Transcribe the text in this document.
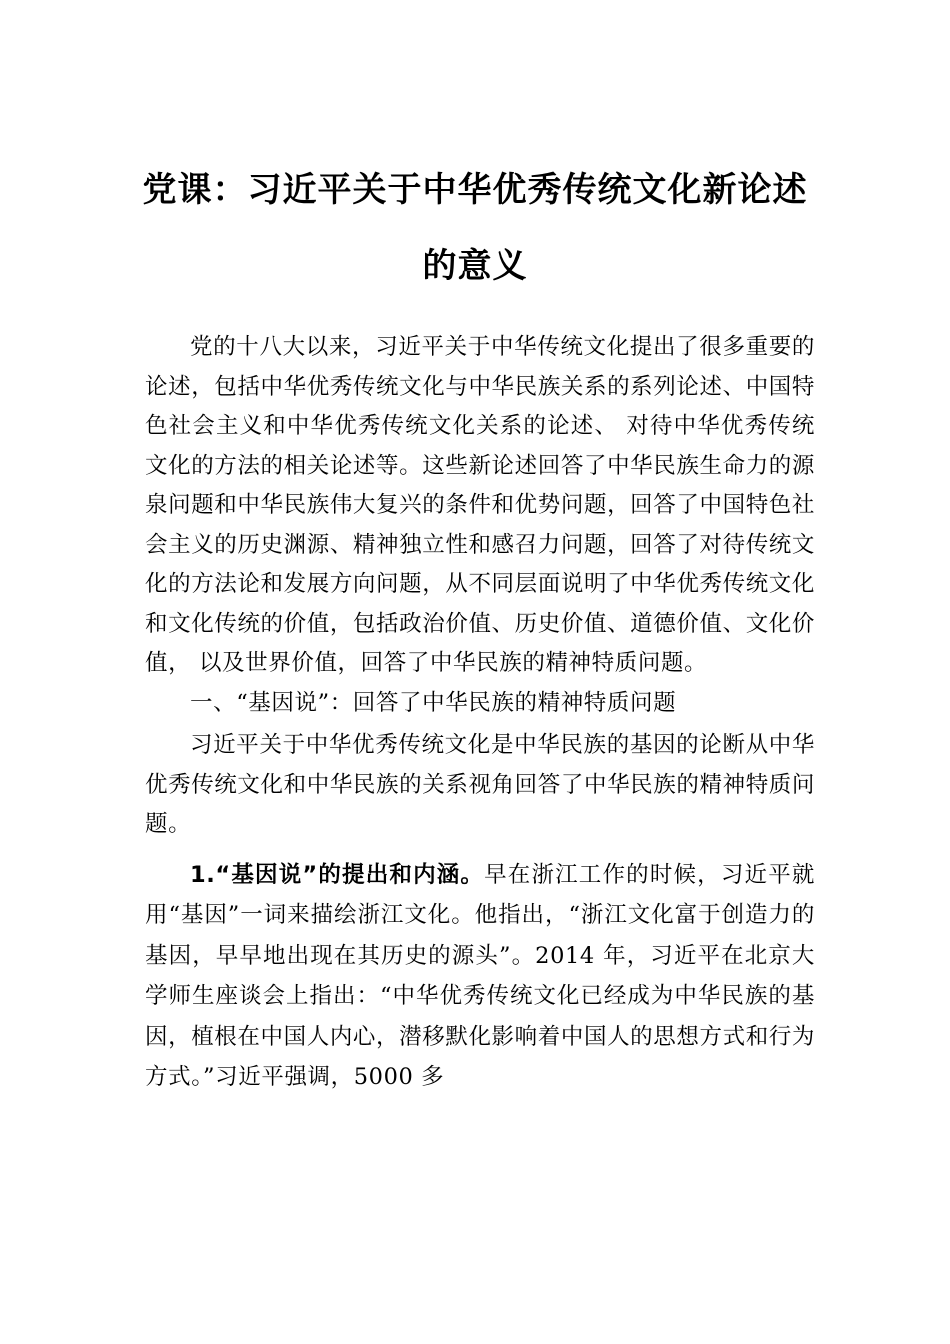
党课：习近平关于中华优秀传统文化新论述的意义

党的十八大以来，习近平关于中华传统文化提出了很多重要的论述，包括中华优秀传统文化与中华民族关系的系列论述、中国特色社会主义和中华优秀传统文化关系的论述、 对待中华优秀传统文化的方法的相关论述等。这些新论述回答了中华民族生命力的源泉问题和中华民族伟大复兴的条件和优势问题，回答了中国特色社会主义的历史渊源、精神独立性和感召力问题，回答了对待传统文化的方法论和发展方向问题，从不同层面说明了中华优秀传统文化和文化传统的价值，包括政治价值、历史价值、道德价值、文化价值， 以及世界价值，回答了中华民族的精神特质问题。

一、“基因说”：回答了中华民族的精神特质问题

习近平关于中华优秀传统文化是中华民族的基因的论断从中华优秀传统文化和中华民族的关系视角回答了中华民族的精神特质问题。

1.“基因说”的提出和内涵。早在浙江工作的时候，习近平就用“基因”一词来描绘浙江文化。他指出，“浙江文化富于创造力的基因，早早地出现在其历史的源头”。2014 年，习近平在北京大学师生座谈会上指出：“中华优秀传统文化已经成为中华民族的基因，植根在中国人内心，潜移默化影响着中国人的思想方式和行为方式。”习近平强调，5000 多
